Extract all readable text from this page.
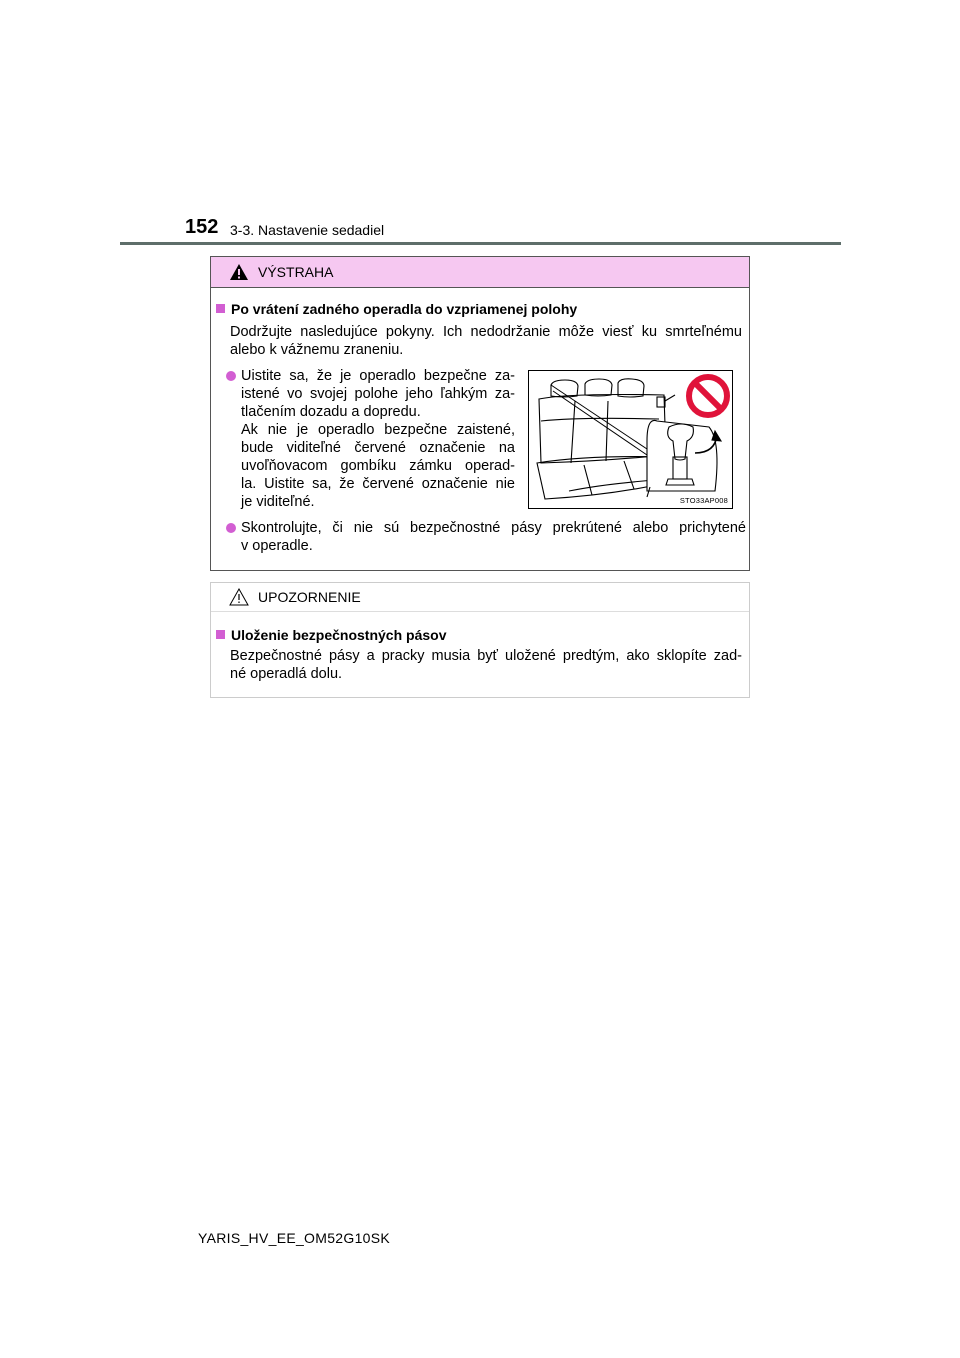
152 3-3. Nastavenie sedadiel
VÝSTRAHA
Po vrátení zadného operadla do vzpriamenej polohy
Dodržujte nasledujúce pokyny. Ich nedodržanie môže viesť ku smrteľnému
alebo k vážnemu zraneniu.
Uistite sa, že je operadlo bezpečne za-
istené vo svojej polohe jeho ľahkým za-
tlačením dozadu a dopredu.
Ak nie je operadlo bezpečne zaistené,
bude viditeľné červené označenie na
uvoľňovacom gombíku zámku operad-
la. Uistite sa, že červené označenie nie
je viditeľné.	STO33AP008
Skontrolujte, či nie sú bezpečnostné pásy prekrútené alebo prichytené
v operadle.
UPOZORNENIE
Uloženie bezpečnostných pásov
Bezpečnostné pásy a pracky musia byť uložené predtým, ako sklopíte zad-
né operadlá dolu.
YARIS_HV_EE_OM52G10SK
